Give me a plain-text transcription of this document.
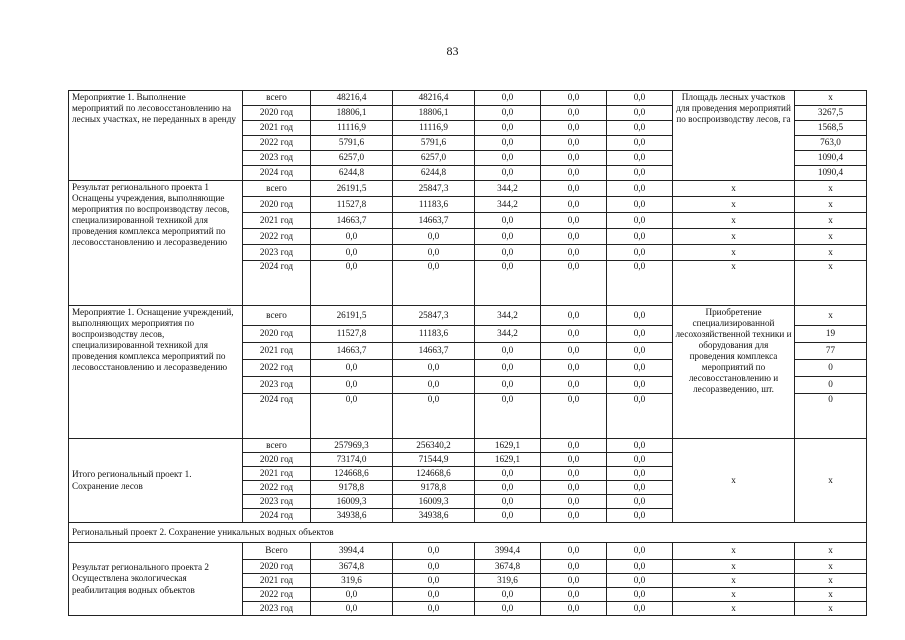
83
Мероприятие 1. Выполнение мероприятий по лесовосстановлению на лесных участках, не переданных в аренду	всего	48216,4	48216,4	0,0	0,0	0,0	Площадь лесных участков для проведения мероприятий по воспроизводству лесов, га	x
	2020 год	18806,1	18806,1	0,0	0,0	0,0		3267,5
	2021 год	11116,9	11116,9	0,0	0,0	0,0		1568,5
	2022 год	5791,6	5791,6	0,0	0,0	0,0		763,0
	2023 год	6257,0	6257,0	0,0	0,0	0,0		1090,4
	2024 год	6244,8	6244,8	0,0	0,0	0,0		1090,4
Результат регионального проекта 1 Оснащены учреждения, выполняющие мероприятия по воспроизводству лесов, специализированной техникой для проведения комплекса мероприятий по лесовосстановлению и лесоразведению	всего	26191,5	25847,3	344,2	0,0	0,0	x	x
	2020 год	11527,8	11183,6	344,2	0,0	0,0	x	x
	2021 год	14663,7	14663,7	0,0	0,0	0,0	x	x
	2022 год	0,0	0,0	0,0	0,0	0,0	x	x
	2023 год	0,0	0,0	0,0	0,0	0,0	x	x
	2024 год	0,0	0,0	0,0	0,0	0,0	x	x
Мероприятие 1. Оснащение учреждений, выполняющих мероприятия по воспроизводству лесов, специализированной техникой для проведения комплекса мероприятий по лесовосстановлению и лесоразведению	всего	26191,5	25847,3	344,2	0,0	0,0	Приобретение специализированной лесохозяйственной техники и оборудования для проведения комплекса мероприятий по лесовосстановлению и лесоразведению, шт.	x
	2020 год	11527,8	11183,6	344,2	0,0	0,0		19
	2021 год	14663,7	14663,7	0,0	0,0	0,0		77
	2022 год	0,0	0,0	0,0	0,0	0,0		0
	2023 год	0,0	0,0	0,0	0,0	0,0		0
	2024 год	0,0	0,0	0,0	0,0	0,0		0
Итого региональный проект 1. Сохранение лесов	всего	257969,3	256340,2	1629,1	0,0	0,0	x	x
	2020 год	73174,0	71544,9	1629,1	0,0	0,0		
	2021 год	124668,6	124668,6	0,0	0,0	0,0		
	2022 год	9178,8	9178,8	0,0	0,0	0,0		
	2023 год	16009,3	16009,3	0,0	0,0	0,0		
	2024 год	34938,6	34938,6	0,0	0,0	0,0		
Региональный проект 2. Сохранение уникальных водных объектов								
Результат регионального проекта 2 Осуществлена экологическая реабилитация водных объектов	Всего	3994,4	0,0	3994,4	0,0	0,0	x	x
	2020 год	3674,8	0,0	3674,8	0,0	0,0	x	x
	2021 год	319,6	0,0	319,6	0,0	0,0	x	x
	2022 год	0,0	0,0	0,0	0,0	0,0	x	x
	2023 год	0,0	0,0	0,0	0,0	0,0	x	x
